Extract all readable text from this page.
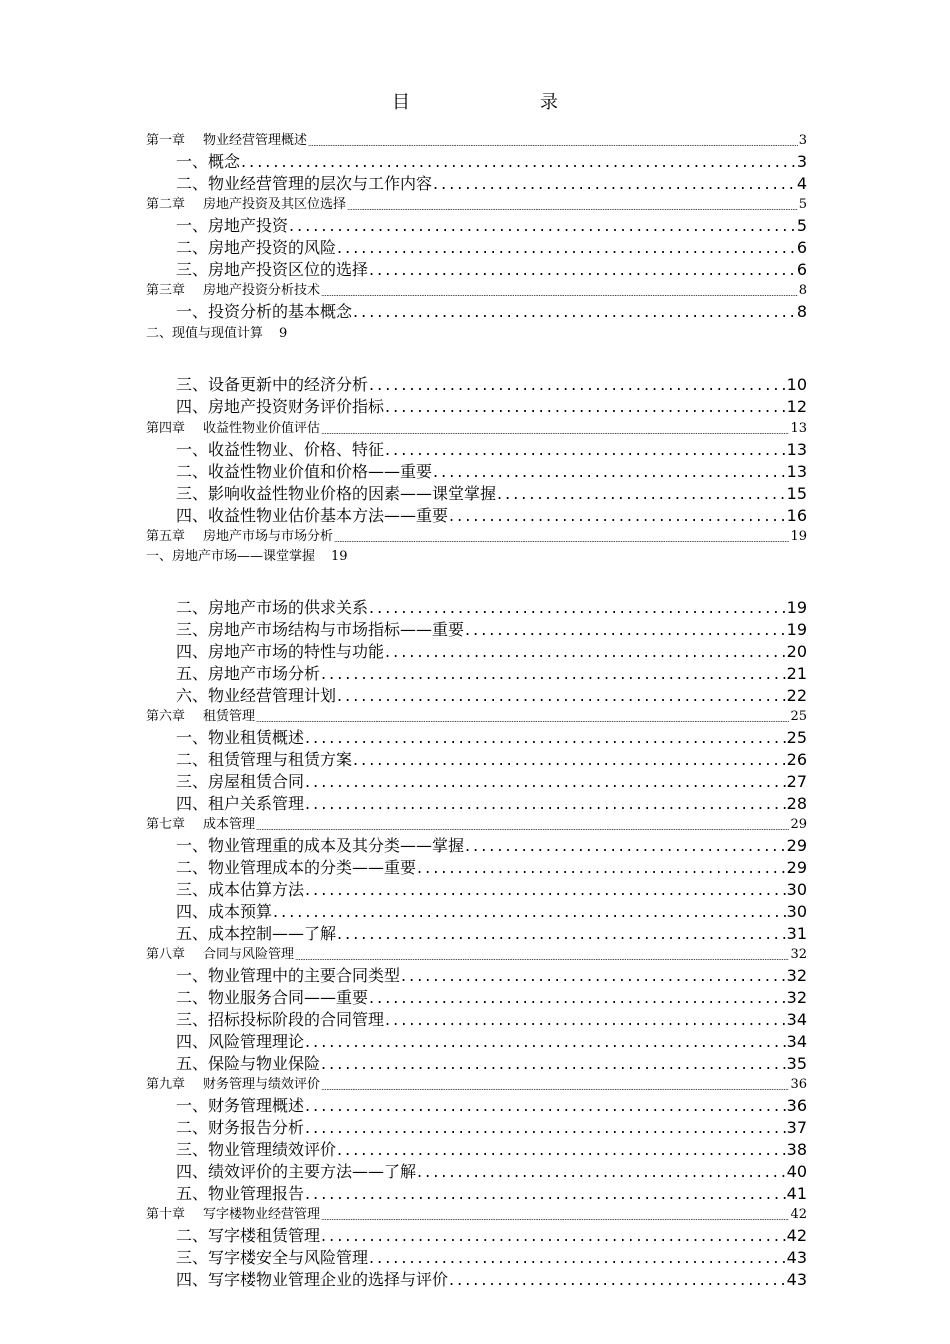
目	录
第一章 物业经营管理概述 .....	3
一、概念 .....	3
二、物业经营管理的层次与工作内容 .....	4
第二章 房地产投资及其区位选择 .....	5
一、房地产投资 .....	5
二、房地产投资的风险 .....	6
三、房地产投资区位的选择 .....	6
第三章 房地产投资分析技术 .....	8
一、投资分析的基本概念 .....	8
二、现值与现值计算 9
三、设备更新中的经济分析 .....	10
四、房地产投资财务评价指标 .....	12
第四章 收益性物业价值评估 .....	13
一、收益性物业、价格、特征 .....	13
二、收益性物业价值和价格——重要 .....	13
三、影响收益性物业价格的因素——课堂掌握 .....	15
四、收益性物业估价基本方法——重要 .....	16
第五章 房地产市场与市场分析 .....	19
一、房地产市场——课堂掌握 19
二、房地产市场的供求关系 .....	19
三、房地产市场结构与市场指标——重要 .....	19
四、房地产市场的特性与功能 .....	20
五、房地产市场分析 .....	21
六、物业经营管理计划 .....	22
第六章 租赁管理 .....	25
一、物业租赁概述 .....	25
二、租赁管理与租赁方案 .....	26
三、房屋租赁合同 .....	27
四、租户关系管理 .....	28
第七章 成本管理 .....	29
一、物业管理重的成本及其分类——掌握 .....	29
二、物业管理成本的分类——重要 .....	29
三、成本估算方法 .....	30
四、成本预算 .....	30
五、成本控制——了解 .....	31
第八章 合同与风险管理 .....	32
一、物业管理中的主要合同类型 .....	32
二、物业服务合同——重要 .....	32
三、招标投标阶段的合同管理 .....	34
四、风险管理理论 .....	34
五、保险与物业保险 .....	35
第九章 财务管理与绩效评价 .....	36
一、财务管理概述 .....	36
二、财务报告分析 .....	37
三、物业管理绩效评价 .....	38
四、绩效评价的主要方法——了解 .....	40
五、物业管理报告 .....	41
第十章 写字楼物业经营管理 .....	42
二、写字楼租赁管理 .....	42
三、写字楼安全与风险管理 .....	43
四、写字楼物业管理企业的选择与评价 .....	43
